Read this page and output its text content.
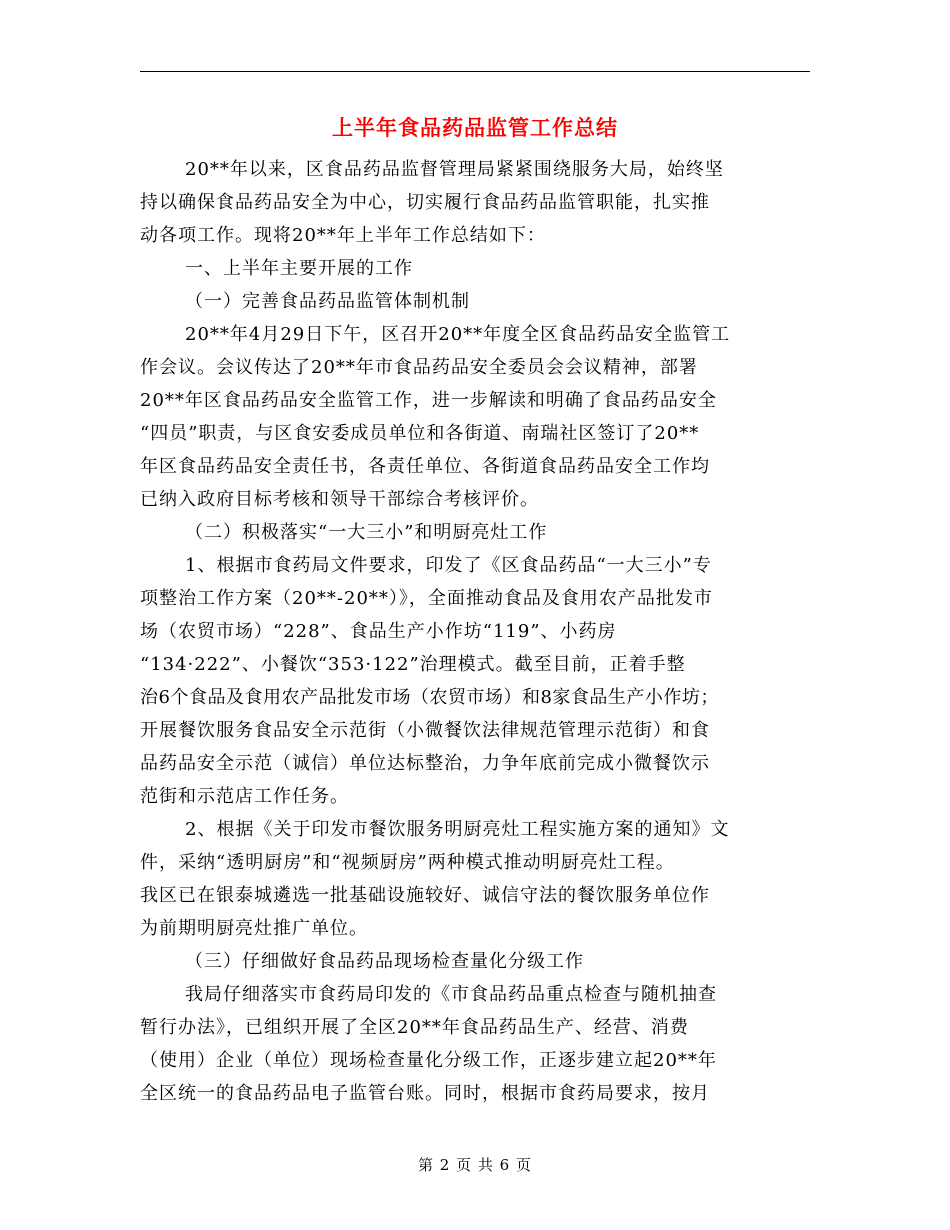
上半年食品药品监管工作总结
20**年以来，区食品药品监督管理局紧紧围绕服务大局，始终坚
持以确保食品药品安全为中心，切实履行食品药品监管职能，扎实推
动各项工作。现将20**年上半年工作总结如下：
一、上半年主要开展的工作
（一）完善食品药品监管体制机制
20**年4月29日下午，区召开20**年度全区食品药品安全监管工
作会议。会议传达了20**年市食品药品安全委员会会议精神，部署
20**年区食品药品安全监管工作，进一步解读和明确了食品药品安全
“四员”职责，与区食安委成员单位和各街道、南瑞社区签订了20**
年区食品药品安全责任书，各责任单位、各街道食品药品安全工作均
已纳入政府目标考核和领导干部综合考核评价。
（二）积极落实“一大三小”和明厨亮灶工作
1、根据市食药局文件要求，印发了《区食品药品“一大三小”专
项整治工作方案（20**-20**）》，全面推动食品及食用农产品批发市
场（农贸市场）“228”、食品生产小作坊“119”、小药房
“134·222”、小餐饮“353·122”治理模式。截至目前，正着手整
治6个食品及食用农产品批发市场（农贸市场）和8家食品生产小作坊；
开展餐饮服务食品安全示范街（小微餐饮法律规范管理示范街）和食
品药品安全示范（诚信）单位达标整治，力争年底前完成小微餐饮示
范街和示范店工作任务。
2、根据《关于印发市餐饮服务明厨亮灶工程实施方案的通知》文
件，采纳“透明厨房”和“视频厨房”两种模式推动明厨亮灶工程。
我区已在银泰城遴选一批基础设施较好、诚信守法的餐饮服务单位作
为前期明厨亮灶推广单位。
（三）仔细做好食品药品现场检查量化分级工作
我局仔细落实市食药局印发的《市食品药品重点检查与随机抽查
暂行办法》，已组织开展了全区20**年食品药品生产、经营、消费
（使用）企业（单位）现场检查量化分级工作，正逐步建立起20**年
全区统一的食品药品电子监管台账。同时，根据市食药局要求，按月
第 2 页 共 6 页
